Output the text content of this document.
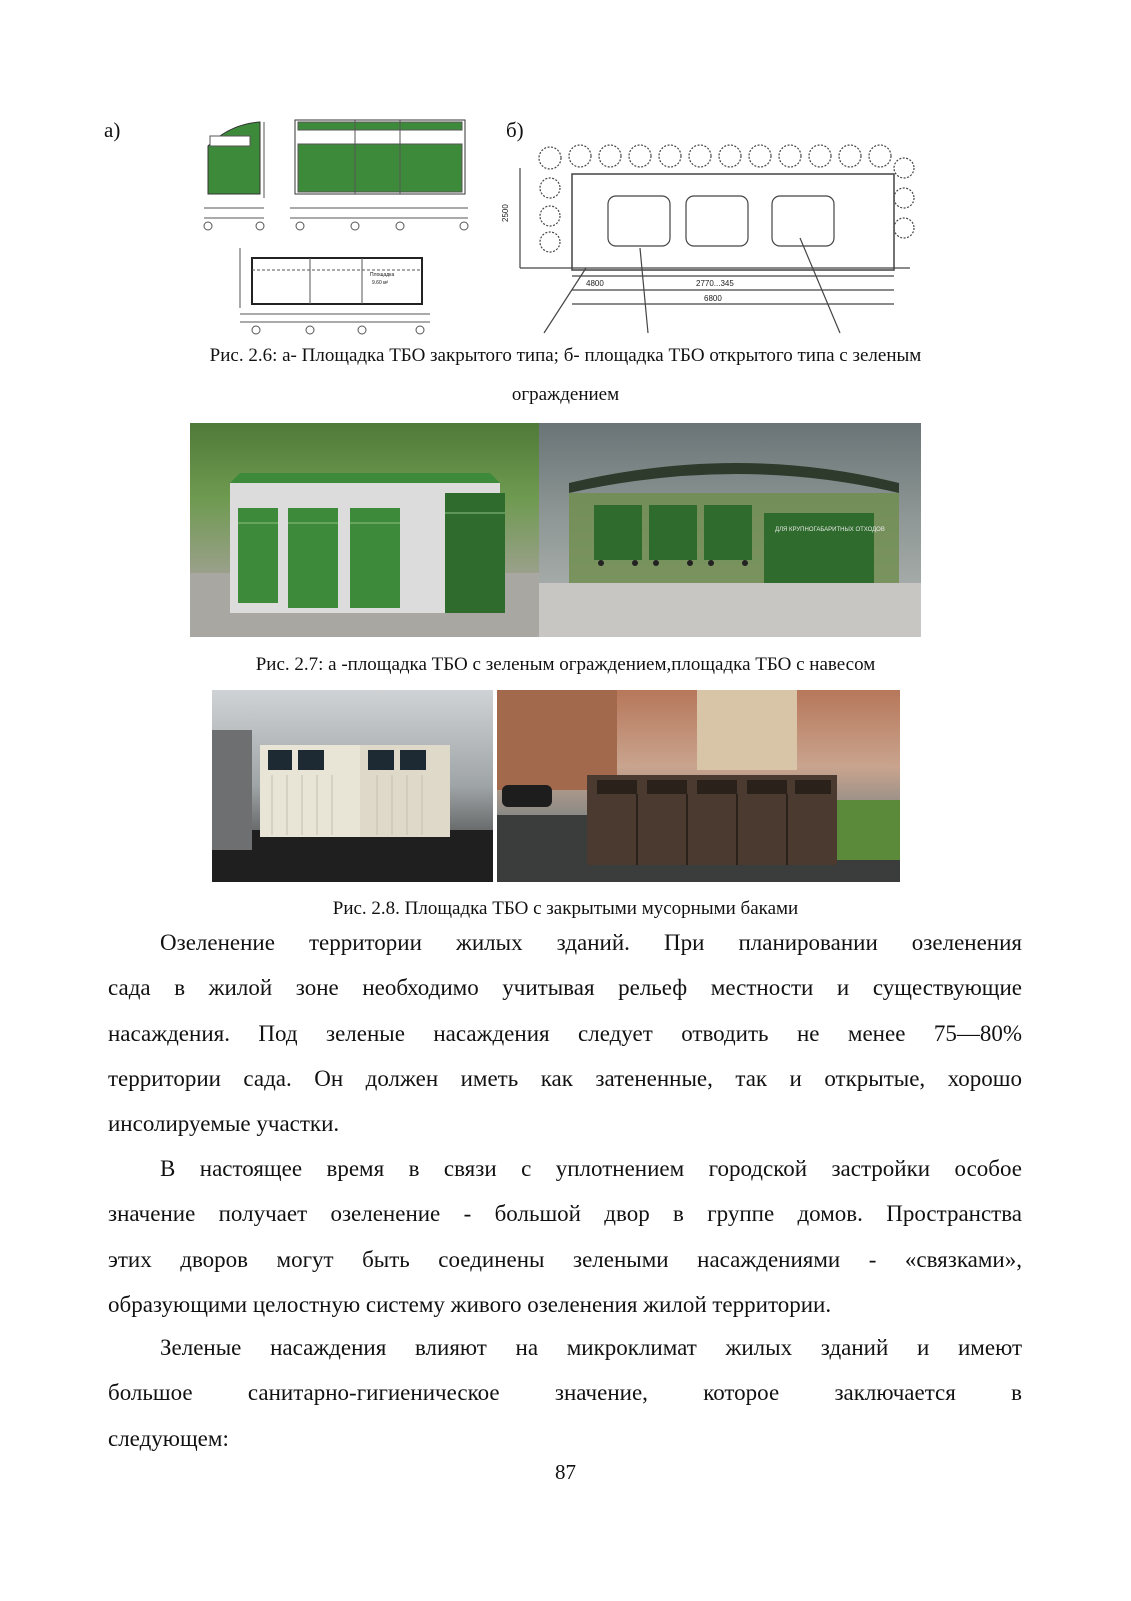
а)	б)
Площадка
9.60 м²	4800	2770...345
6800
2500
Рис. 2.6: а- Площадка ТБО закрытого типа; б- площадка ТБО открытого типа с зеленым
ограждением
ДЛЯ КРУПНОГАБАРИТНЫХ ОТХОДОВ
Рис. 2.7: а -площадка ТБО с зеленым ограждением,площадка ТБО с навесом
Рис. 2.8. Площадка ТБО с закрытыми мусорными баками
Озеленение территории жилых зданий. При планировании озеленения
сада в жилой зоне необходимо учитывая рельеф местности и существующие
насаждения. Под зеленые насаждения следует отводить не менее 75—80%
территории сада. Он должен иметь как затененные, так и открытые, хорошо
инсолируемые участки.
В настоящее время в связи с уплотнением городской застройки особое
значение получает озеленение - большой двор в группе домов. Пространства
этих дворов могут быть соединены зелеными насаждениями - «связками»,
образующими целостную систему живого озеленения жилой территории.
Зеленые насаждения влияют на микроклимат жилых зданий и имеют
большое санитарно-гигиеническое значение, которое заключается в
следующем:
87
